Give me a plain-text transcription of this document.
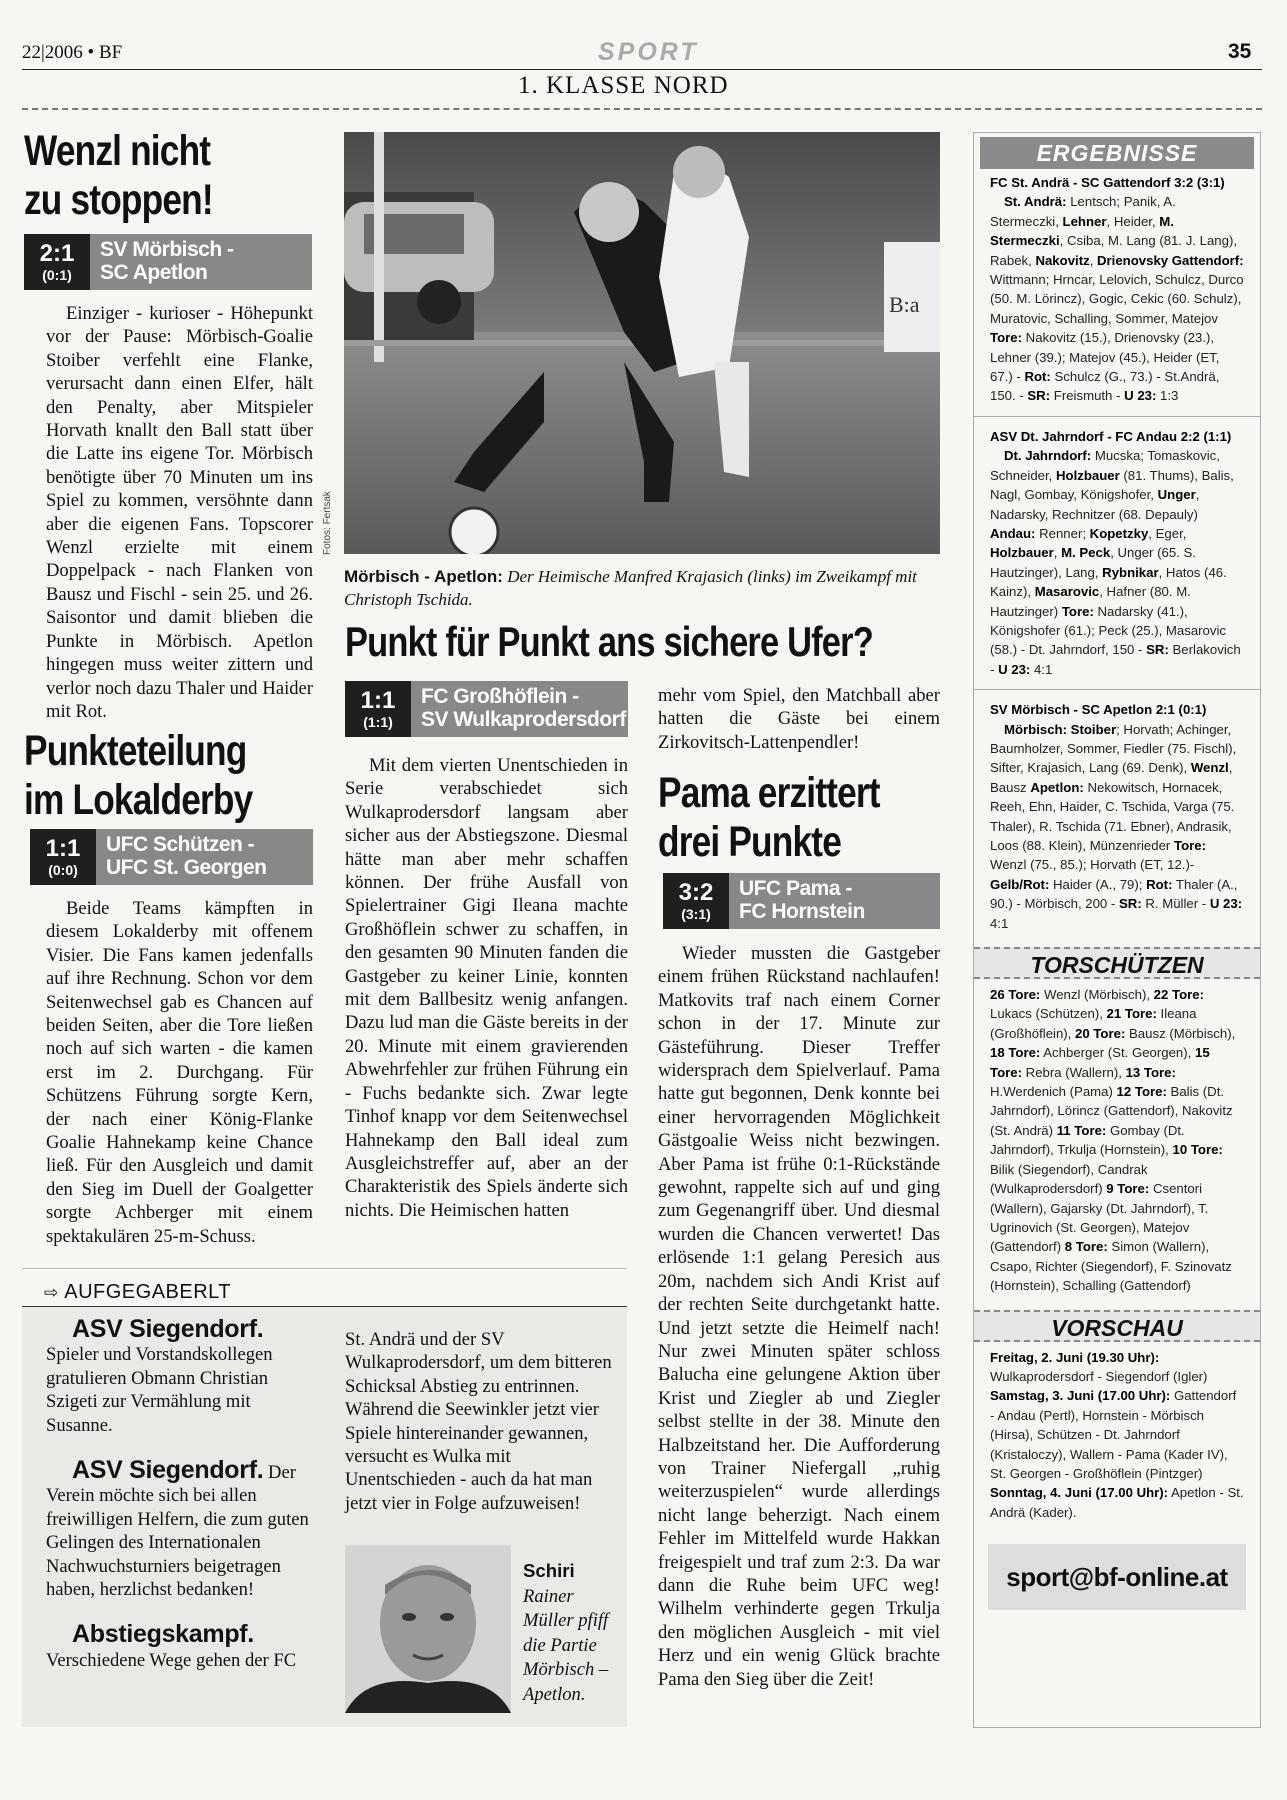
22|2006 • BF	SPORT	35
1. KLASSE NORD
Wenzl nicht
zu stoppen!
2:1
(0:1)
SV Mörbisch -
SC Apetlon
Einziger - kurioser - Höhepunkt vor der Pause: Mörbisch-Goalie Stoiber verfehlt eine Flanke, verursacht dann einen Elfer, hält den Penalty, aber Mitspieler Horvath knallt den Ball statt über die Latte ins eigene Tor. Mörbisch benötigte über 70 Minuten um ins Spiel zu kommen, versöhnte dann aber die eigenen Fans. Topscorer Wenzl erzielte mit einem Doppelpack - nach Flanken von Bausz und Fischl - sein 25. und 26. Saisontor und damit blieben die Punkte in Mörbisch. Apetlon hingegen muss weiter zittern und verlor noch dazu Thaler und Haider mit Rot.
Punkteteilung
im Lokalderby
1:1
(0:0)
UFC Schützen -
UFC St. Georgen
Beide Teams kämpften in diesem Lokalderby mit offenem Visier. Die Fans kamen jedenfalls auf ihre Rechnung. Schon vor dem Seitenwechsel gab es Chancen auf beiden Seiten, aber die Tore ließen noch auf sich warten - die kamen erst im 2. Durchgang. Für Schützens Führung sorgte Kern, der nach einer König-Flanke Goalie Hahnekamp keine Chance ließ. Für den Ausgleich und damit den Sieg im Duell der Goalgetter sorgte Achberger mit einem spektakulären 25-m-Schuss.
B:a
Fotos: Fertsak
Mörbisch - Apetlon: Der Heimische Manfred Krajasich (links) im Zweikampf mit Christoph Tschida.
Punkt für Punkt ans sichere Ufer?
1:1
(1:1)
FC Großhöflein -
SV Wulkaprodersdorf
Mit dem vierten Unentschieden in Serie verabschiedet sich Wulkaprodersdorf langsam aber sicher aus der Abstiegszone. Diesmal hätte man aber mehr schaffen können. Der frühe Ausfall von Spielertrainer Gigi Ileana machte Großhöflein schwer zu schaffen, in den gesamten 90 Minuten fanden die Gastgeber zu keiner Linie, konnten mit dem Ballbesitz wenig anfangen. Dazu lud man die Gäste bereits in der 20. Minute mit einem gravierenden Abwehrfehler zur frühen Führung ein - Fuchs bedankte sich. Zwar legte Tinhof knapp vor dem Seitenwechsel Hahnekamp den Ball ideal zum Ausgleichstreffer auf, aber an der Charakteristik des Spiels änderte sich nichts. Die Heimischen hatten
mehr vom Spiel, den Matchball aber hatten die Gäste bei einem Zirkovitsch-Lattenpendler!
Pama erzittert
drei Punkte
3:2
(3:1)
UFC Pama -
FC Hornstein
Wieder mussten die Gastgeber einem frühen Rückstand nachlaufen! Matkovits traf nach einem Corner schon in der 17. Minute zur Gästeführung. Dieser Treffer widersprach dem Spielverlauf. Pama hatte gut begonnen, Denk konnte bei einer hervorragenden Möglichkeit Gästgoalie Weiss nicht bezwingen. Aber Pama ist frühe 0:1-Rückstände gewohnt, rappelte sich auf und ging zum Gegenangriff über. Und diesmal wurden die Chancen verwertet! Das erlösende 1:1 gelang Peresich aus 20m, nachdem sich Andi Krist auf der rechten Seite durchgetankt hatte. Und jetzt setzte die Heimelf nach! Nur zwei Minuten später schloss Balucha eine gelungene Aktion über Krist und Ziegler ab und Ziegler selbst stellte in der 38. Minute den Halbzeitstand her. Die Aufforderung von Trainer Niefergall „ruhig weiterzuspielen“ wurde allerdings nicht lange beherzigt. Nach einem Fehler im Mittelfeld wurde Hakkan freigespielt und traf zum 2:3. Da war dann die Ruhe beim UFC weg! Wilhelm verhinderte gegen Trkulja den möglichen Ausgleich - mit viel Herz und ein wenig Glück brachte Pama den Sieg über die Zeit!
⇨ AUFGEGABERLT
ASV Siegendorf. Spieler und Vorstandskollegen gratulieren Obmann Christian Szigeti zur Vermählung mit Susanne.
ASV Siegendorf. Der Verein möchte sich bei allen freiwilligen Helfern, die zum guten Gelingen des Internationalen Nachwuchsturniers beigetragen haben, herzlichst bedanken!
Abstiegskampf. Verschiedene Wege gehen der FC
St. Andrä und der SV Wulkaprodersdorf, um dem bitteren Schicksal Abstieg zu entrinnen. Während die Seewinkler jetzt vier Spiele hintereinander gewannen, versucht es Wulka mit Unentschieden - auch da hat man jetzt vier in Folge aufzuweisen!
Schiri Rainer Müller pfiff die Partie Mörbisch – Apetlon.
ERGEBNISSE
FC St. Andrä - SC Gattendorf 3:2 (3:1)
St. Andrä: Lentsch; Panik, A. Stermeczki, Lehner, Heider, M. Stermeczki, Csiba, M. Lang (81. J. Lang), Rabek, Nakovitz, Drienovsky Gattendorf: Wittmann; Hrncar, Lelovich, Schulcz, Durco (50. M. Lörincz), Gogic, Cekic (60. Schulz), Muratovic, Schalling, Sommer, Matejov Tore: Nakovitz (15.), Drienovsky (23.), Lehner (39.); Matejov (45.), Heider (ET, 67.) - Rot: Schulcz (G., 73.) - St.Andrä, 150. - SR: Freismuth - U 23: 1:3
ASV Dt. Jahrndorf - FC Andau 2:2 (1:1)
Dt. Jahrndorf: Mucska; Tomaskovic, Schneider, Holzbauer (81. Thums), Balis, Nagl, Gombay, Königshofer, Unger, Nadarsky, Rechnitzer (68. Depauly) Andau: Renner; Kopetzky, Eger, Holzbauer, M. Peck, Unger (65. S. Hautzinger), Lang, Rybnikar, Hatos (46. Kainz), Masarovic, Hafner (80. M. Hautzinger) Tore: Nadarsky (41.), Königshofer (61.); Peck (25.), Masarovic (58.) - Dt. Jahrndorf, 150 - SR: Berlakovich - U 23: 4:1
SV Mörbisch - SC Apetlon 2:1 (0:1)
Mörbisch: Stoiber; Horvath; Achinger, Baumholzer, Sommer, Fiedler (75. Fischl), Sifter, Krajasich, Lang (69. Denk), Wenzl, Bausz Apetlon: Nekowitsch, Hornacek, Reeh, Ehn, Haider, C. Tschida, Varga (75. Thaler), R. Tschida (71. Ebner), Andrasik, Loos (88. Klein), Münzenrieder Tore: Wenzl (75., 85.); Horvath (ET, 12.)- Gelb/Rot: Haider (A., 79); Rot: Thaler (A., 90.) - Mörbisch, 200 - SR: R. Müller - U 23: 4:1
TORSCHÜTZEN
26 Tore: Wenzl (Mörbisch), 22 Tore: Lukacs (Schützen), 21 Tore: Ileana (Großhöflein), 20 Tore: Bausz (Mörbisch), 18 Tore: Achberger (St. Georgen), 15 Tore: Rebra (Wallern), 13 Tore: H.Werdenich (Pama) 12 Tore: Balis (Dt. Jahrndorf), Lörincz (Gattendorf), Nakovitz (St. Andrä) 11 Tore: Gombay (Dt. Jahrndorf), Trkulja (Hornstein), 10 Tore: Bilik (Siegendorf), Candrak (Wulkaprodersdorf) 9 Tore: Csentori (Wallern), Gajarsky (Dt. Jahrndorf), T. Ugrinovich (St. Georgen), Matejov (Gattendorf) 8 Tore: Simon (Wallern), Csapo, Richter (Siegendorf), F. Szinovatz (Hornstein), Schalling (Gattendorf)
VORSCHAU
Freitag, 2. Juni (19.30 Uhr): Wulkaprodersdorf - Siegendorf (Igler) Samstag, 3. Juni (17.00 Uhr): Gattendorf - Andau (Pertl), Hornstein - Mörbisch (Hirsa), Schützen - Dt. Jahrndorf (Kristaloczy), Wallern - Pama (Kader IV), St. Georgen - Großhöflein (Pintzger) Sonntag, 4. Juni (17.00 Uhr): Apetlon - St. Andrä (Kader).
sport@bf-online.at
